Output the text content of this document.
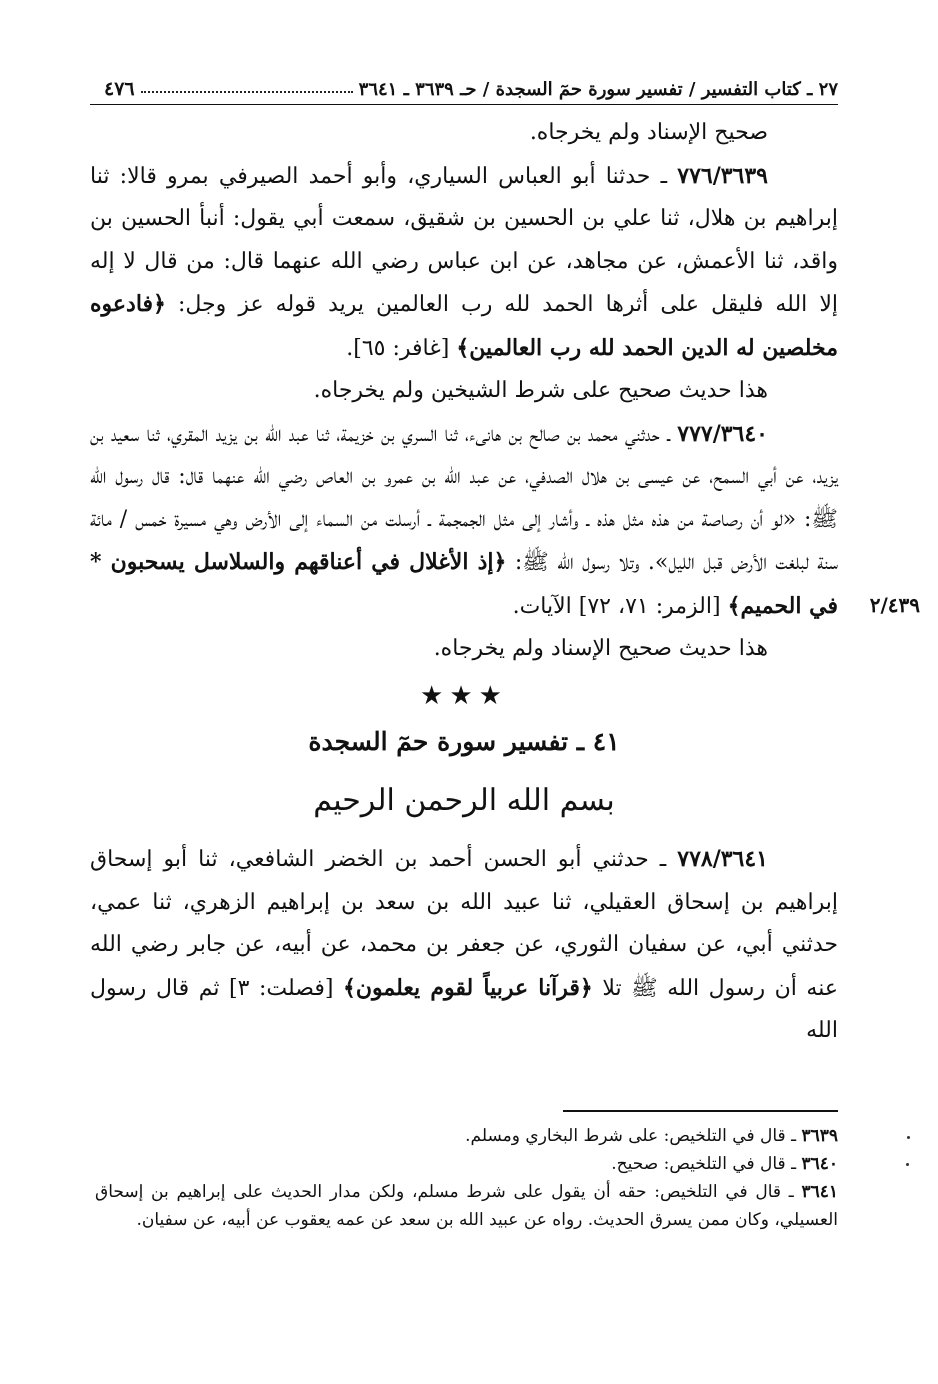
٢٧ ـ كتاب التفسير / تفسير سورة حمٓ السجدة / حـ ٣٦٣٩ ـ ٣٦٤١
٤٧٦
٢/٤٣٩

صحيح الإسناد ولم يخرجاه.

٧٧٦/٣٦٣٩ ـ حدثنا أبو العباس السياري، وأبو أحمد الصيرفي بمرو قالا: ثنا إبراهيم بن هلال، ثنا علي بن الحسين بن شقيق، سمعت أبي يقول: أنبأ الحسين بن واقد، ثنا الأعمش، عن مجاهد، عن ابن عباس رضي الله عنهما قال: من قال لا إله إلا الله فليقل على أثرها الحمد لله رب العالمين يريد قوله عز وجل: ﴿فادعوه مخلصين له الدين الحمد لله رب العالمين﴾ [غافر: ٦٥].

هذا حديث صحيح على شرط الشيخين ولم يخرجاه.

٧٧٧/٣٦٤٠ ـ حدثني محمد بن صالح بن هانىء، ثنا السري بن خزيمة، ثنا عبد الله بن يزيد المقري، ثنا سعيد بن يزيد، عن أبي السمح، عن عيسى بن هلال الصدفي، عن عبد الله بن عمرو بن العاص رضي الله عنهما قال: قال رسول الله ﷺ: «لو أن رصاصة من هذه مثل هذه ـ وأشار إلى مثل الجمجمة ـ أرسلت من السماء إلى الأرض وهي مسيرة خمس / مائة سنة لبلغت الأرض قبل الليل». وتلا رسول الله ﷺ: ﴿إذ الأغلال في أعناقهم والسلاسل يسحبون * في الحميم﴾ [الزمر: ٧١، ٧٢] الآيات.

هذا حديث صحيح الإسناد ولم يخرجاه.

★★★
٤١ ـ تفسير سورة حمٓ السجدة
بسم الله الرحمن الرحيم

٧٧٨/٣٦٤١ ـ حدثني أبو الحسن أحمد بن الخضر الشافعي، ثنا أبو إسحاق إبراهيم بن إسحاق العقيلي، ثنا عبيد الله بن سعد بن إبراهيم الزهري، ثنا عمي، حدثني أبي، عن سفيان الثوري، عن جعفر بن محمد، عن أبيه، عن جابر رضي الله عنه أن رسول الله ﷺ تلا ﴿قرآنا عربياً لقوم يعلمون﴾ [فصلت: ٣] ثم قال رسول الله

٣٦٣٩ ـ قال في التلخيص: على شرط البخاري ومسلم.

٣٦٤٠ ـ قال في التلخيص: صحيح.

٣٦٤١ ـ قال في التلخيص: حقه أن يقول على شرط مسلم، ولكن مدار الحديث على إبراهيم بن إسحاق العسيلي، وكان ممن يسرق الحديث. رواه عن عبيد الله بن سعد عن عمه يعقوب عن أبيه، عن سفيان.
